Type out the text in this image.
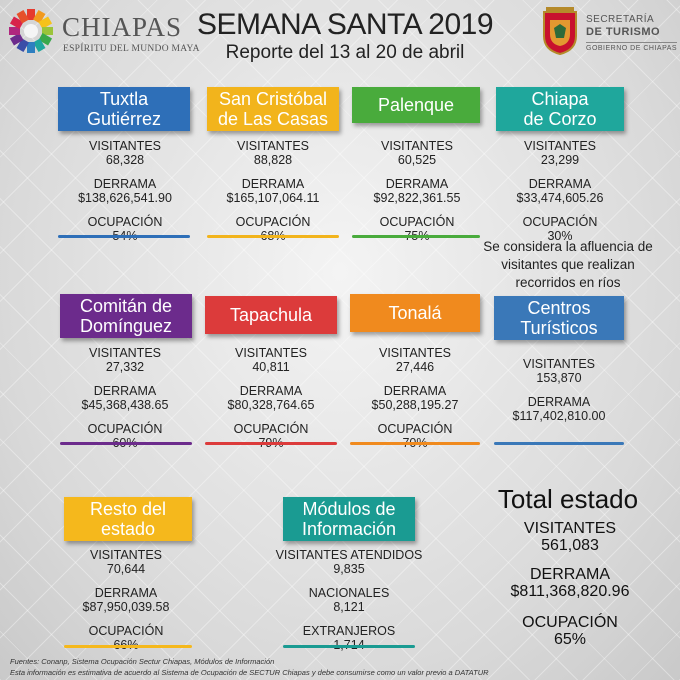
CHIAPAS
ESPÍRITU DEL MUNDO MAYA
SEMANA SANTA 2019
Reporte del 13 al 20 de abril
SECRETARÍA
DE TURISMO
GOBIERNO DE CHIAPAS
Tuxtla
Gutiérrez
VISITANTES
68,328
DERRAMA
$138,626,541.90
OCUPACIÓN
San Cristóbal
de Las Casas
VISITANTES
88,828
DERRAMA
$165,107,064.11
OCUPACIÓN
Palenque
VISITANTES
60,525
DERRAMA
$92,822,361.55
OCUPACIÓN
Chiapa
de Corzo
VISITANTES
23,299
DERRAMA
$33,474,605.26
OCUPACIÓN
30%
Se considera la afluencia de
visitantes que realizan
recorridos en ríos
Comitán de
Domínguez
VISITANTES
27,332
DERRAMA
$45,368,438.65
OCUPACIÓN
Tapachula
VISITANTES
40,811
DERRAMA
$80,328,764.65
OCUPACIÓN
Tonalá
VISITANTES
27,446
DERRAMA
$50,288,195.27
OCUPACIÓN
Centros
Turísticos
VISITANTES
153,870
DERRAMA
$117,402,810.00
Resto del
estado
VISITANTES
70,644
DERRAMA
$87,950,039.58
OCUPACIÓN
Módulos de
Información
VISITANTES ATENDIDOS
9,835
NACIONALES
8,121
EXTRANJEROS
Total estado
VISITANTES
561,083
DERRAMA
$811,368,820.96
OCUPACIÓN
65%
Fuentes: Conanp, Sistema Ocupación Sectur Chiapas, Módulos de Información
Esta información es estimativa de acuerdo al Sistema de Ocupación de SECTUR Chiapas y debe consumirse como un valor previo a DATATUR
